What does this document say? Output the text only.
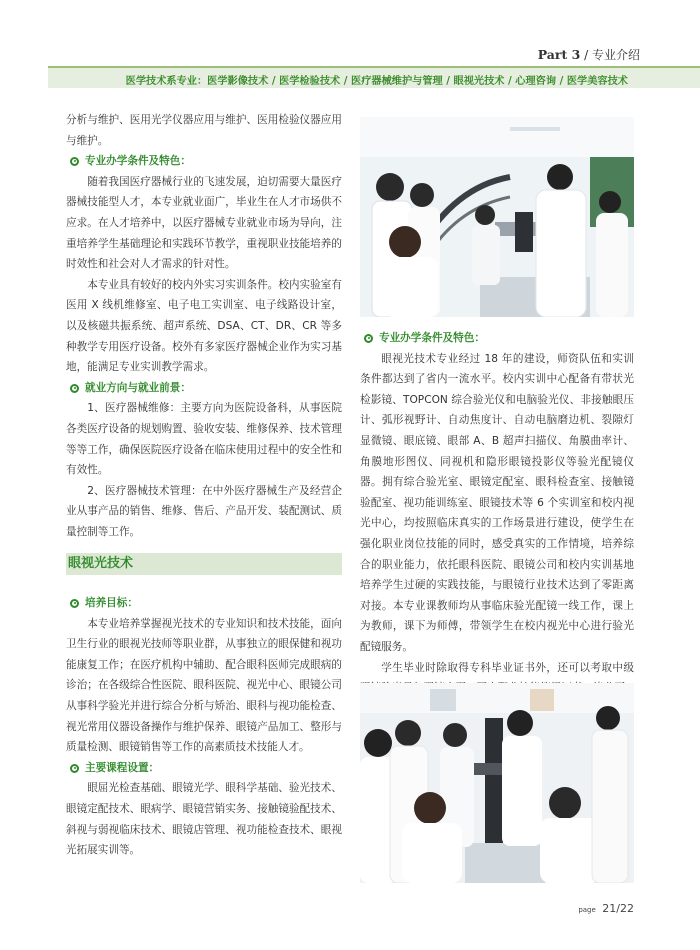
Part 3 / 专业介绍
医学技术系专业：医学影像技术 / 医学检验技术 / 医疗器械维护与管理 / 眼视光技术 / 心理咨询 / 医学美容技术

分析与维护、医用光学仪器应用与维护、医用检验仪器应用与维护。

专业办学条件及特色：

随着我国医疗器械行业的飞速发展，迫切需要大量医疗器械技能型人才，本专业就业面广，毕业生在人才市场供不应求。在人才培养中，以医疗器械专业就业市场为导向，注重培养学生基础理论和实践环节教学，重视职业技能培养的时效性和社会对人才需求的针对性。

本专业具有较好的校内外实习实训条件。校内实验室有医用 X 线机维修室、电子电工实训室、电子线路设计室，以及核磁共振系统、超声系统、DSA、CT、DR、CR 等多种教学专用医疗设备。校外有多家医疗器械企业作为实习基地，能满足专业实训教学需求。

就业方向与就业前景：

1、医疗器械维修：主要方向为医院设备科，从事医院各类医疗设备的规划购置、验收安装、维修保养、技术管理等等工作，确保医院医疗设备在临床使用过程中的安全性和有效性。

2、医疗器械技术管理：在中外医疗器械生产及经营企业从事产品的销售、维修、售后、产品开发、装配测试、质量控制等工作。

眼视光技术
培养目标：

本专业培养掌握视光技术的专业知识和技术技能，面向卫生行业的眼视光技师等职业群，从事独立的眼保健和视功能康复工作；在医疗机构中辅助、配合眼科医师完成眼病的诊治；在各级综合性医院、眼科医院、视光中心、眼镜公司从事科学验光并进行综合分析与矫治、眼科与视功能检查、视光常用仪器设备操作与维护保养、眼镜产品加工、整形与质量检测、眼镜销售等工作的高素质技术技能人才。

主要课程设置：

眼屈光检查基础、眼镜光学、眼科学基础、验光技术、眼镜定配技术、眼病学、眼镜营销实务、接触镜验配技术、斜视与弱视临床技术、眼镜店管理、视功能检查技术、眼视光拓展实训等。

专业办学条件及特色：

眼视光技术专业经过 18 年的建设，师资队伍和实训条件都达到了省内一流水平。校内实训中心配备有带状光检影镜、TOPCON 综合验光仪和电脑验光仪、非接触眼压计、弧形视野计、自动焦度计、自动电脑磨边机、裂隙灯显微镜、眼底镜、眼部 A、B 超声扫描仪、角膜曲率计、角膜地形图仪、同视机和隐形眼镜投影仪等验光配镜仪器。拥有综合验光室、眼镜定配室、眼科检查室、接触镜验配室、视功能训练室、眼镜技术等 6 个实训室和校内视光中心，均按照临床真实的工作场景进行建设，使学生在强化职业岗位技能的同时，感受真实的工作情境，培养综合的职业能力，依托眼科医院、眼镜公司和校内实训基地培养学生过硬的实践技能，与眼镜行业技术达到了零距离对接。本专业课教师均从事临床验光配镜一线工作，课上为教师，课下为师傅，带领学生在校内视光中心进行验光配镜服务。

学生毕业时除取得专科毕业证书外，还可以考取中级

page 21/22
